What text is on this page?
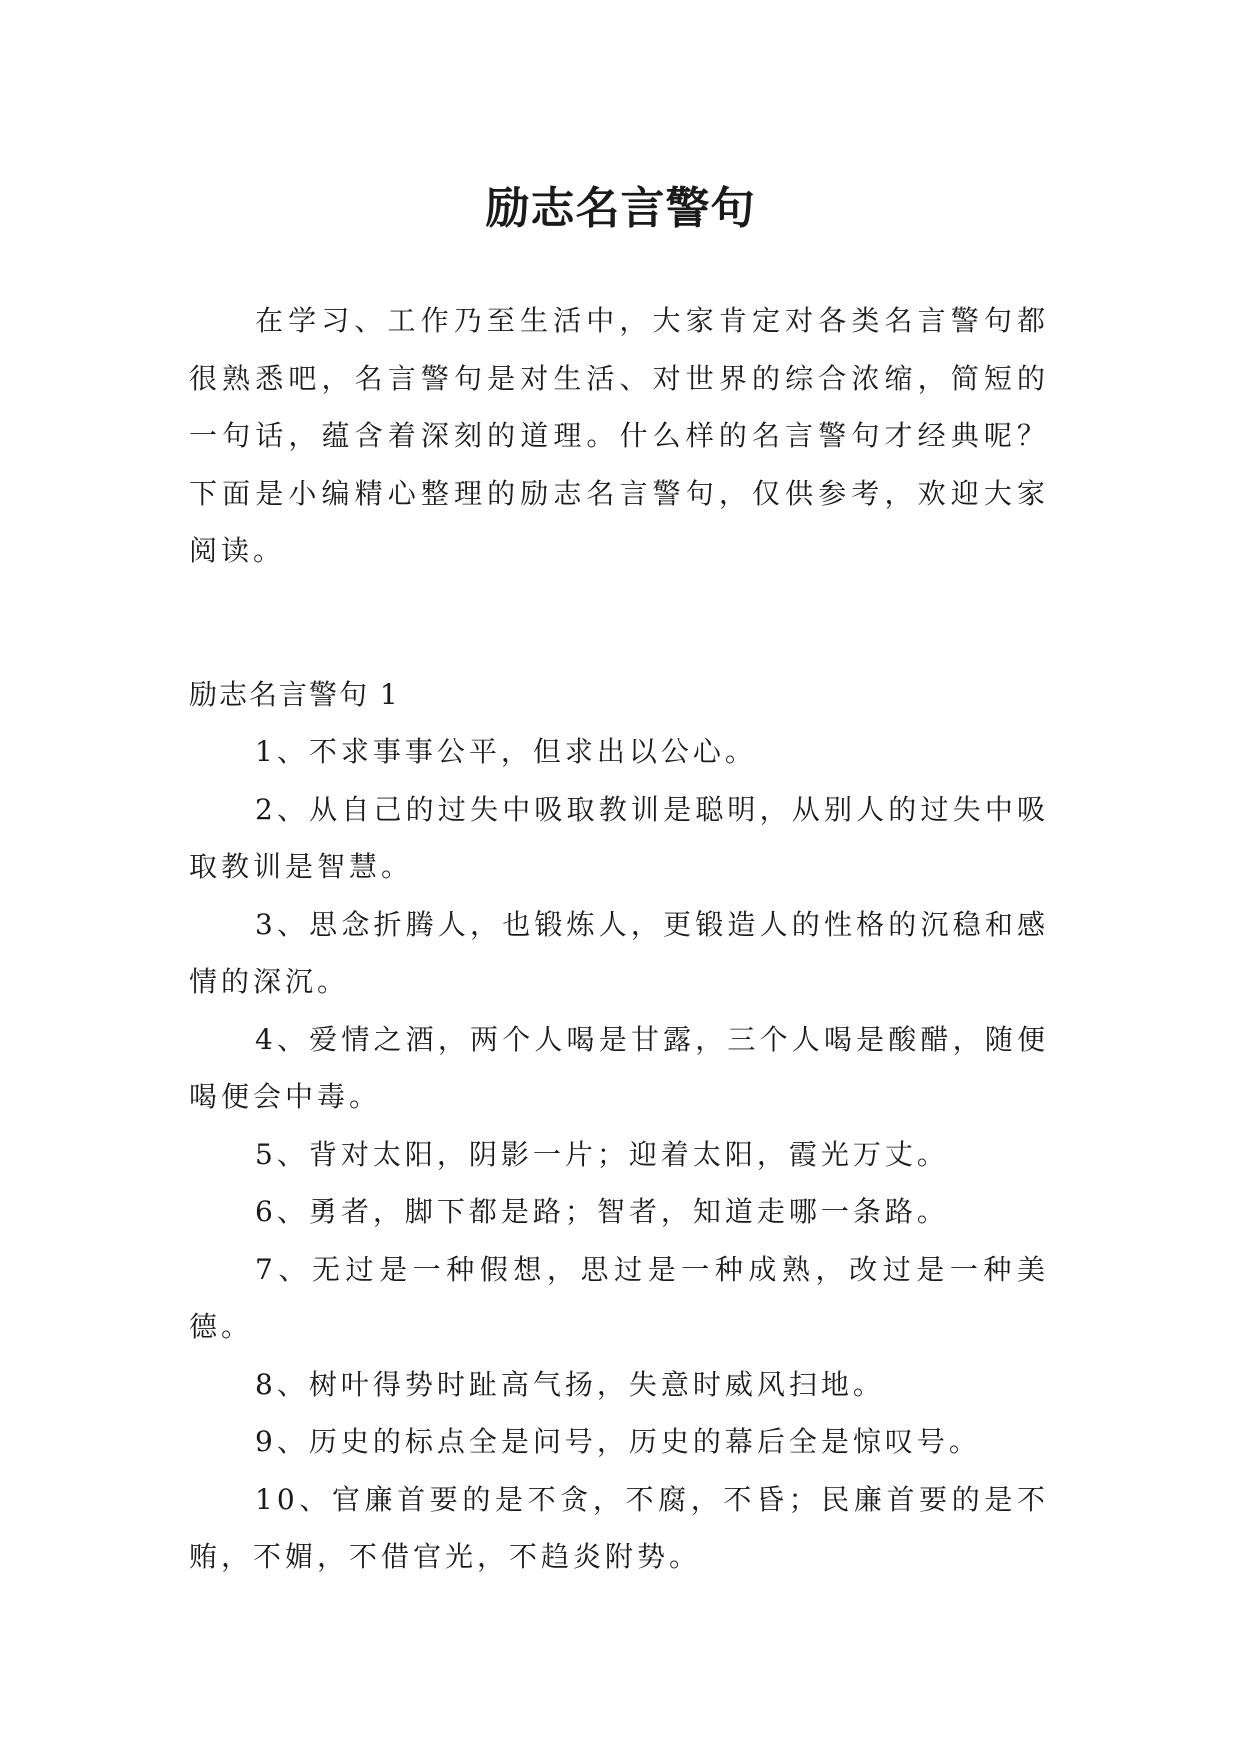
励志名言警句

在学习、工作乃至生活中，大家肯定对各类名言警句都很熟悉吧，名言警句是对生活、对世界的综合浓缩，简短的一句话，蕴含着深刻的道理。什么样的名言警句才经典呢？下面是小编精心整理的励志名言警句，仅供参考，欢迎大家阅读。

励志名言警句 1

1、不求事事公平，但求出以公心。

2、从自己的过失中吸取教训是聪明，从别人的过失中吸取教训是智慧。

3、思念折腾人，也锻炼人，更锻造人的性格的沉稳和感情的深沉。

4、爱情之酒，两个人喝是甘露，三个人喝是酸醋，随便喝便会中毒。

5、背对太阳，阴影一片；迎着太阳，霞光万丈。

6、勇者，脚下都是路；智者，知道走哪一条路。

7、无过是一种假想，思过是一种成熟，改过是一种美德。

8、树叶得势时趾高气扬，失意时威风扫地。

9、历史的标点全是问号，历史的幕后全是惊叹号。

10、官廉首要的是不贪，不腐，不昏；民廉首要的是不贿，不媚，不借官光，不趋炎附势。
